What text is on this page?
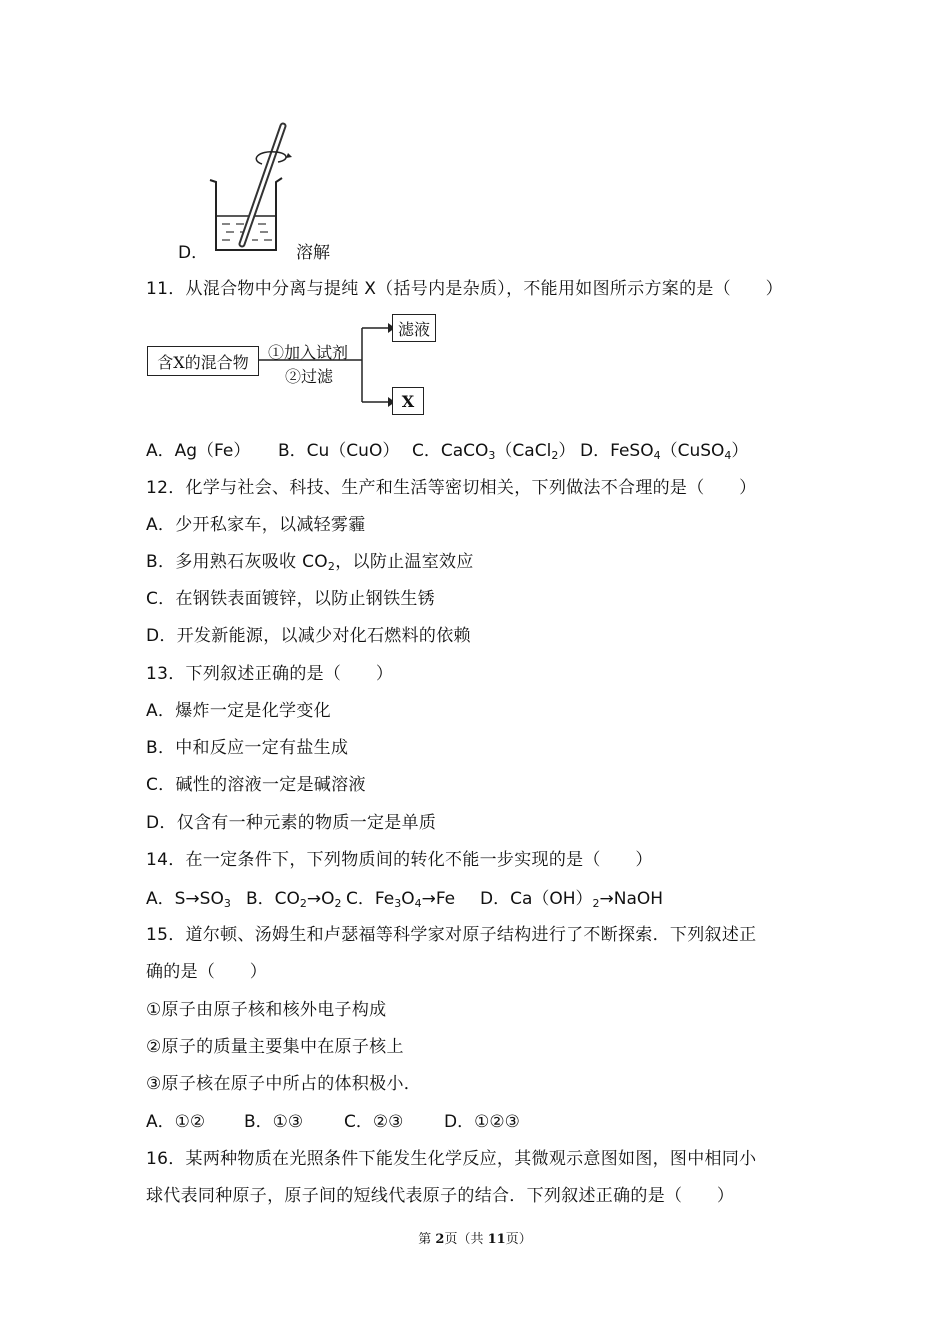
D．	溶解
11．从混合物中分离与提纯 X（括号内是杂质），不能用如图所示方案的是（　　）
含X的混合物	①加入试剂
②过滤
滤液
X
A．Ag（Fe） B．Cu（CuO） C．CaCO$_3$（CaCl$_2$） D．FeSO$_4$（CuSO$_4$）
12．化学与社会、科技、生产和生活等密切相关，下列做法不合理的是（　　）
A．少开私家车，以减轻雾霾
B．多用熟石灰吸收 $CO_2$，以防止温室效应
C．在钢铁表面镀锌，以防止钢铁生锈
D．开发新能源，以减少对化石燃料的依赖
13．下列叙述正确的是（　　）
A．爆炸一定是化学变化
B．中和反应一定有盐生成
C．碱性的溶液一定是碱溶液
D．仅含有一种元素的物质一定是单质
14．在一定条件下，下列物质间的转化不能一步实现的是（　　）
A．$S\to SO_3$ B．$CO_2\to O_2$ C．$Fe_3O_4\to Fe$ D．$Ca(OH)_2\to NaOH$
15．道尔顿、汤姆生和卢瑟福等科学家对原子结构进行了不断探索．下列叙述正
确的是（　　）
①原子由原子核和核外电子构成
②原子的质量主要集中在原子核上
③原子核在原子中所占的体积极小．
A．①② B．①③ C．②③ D．①②③
16．某两种物质在光照条件下能发生化学反应，其微观示意图如图，图中相同小
球代表同种原子，原子间的短线代表原子的结合．下列叙述正确的是（　　）
第 2页（共 11页）
